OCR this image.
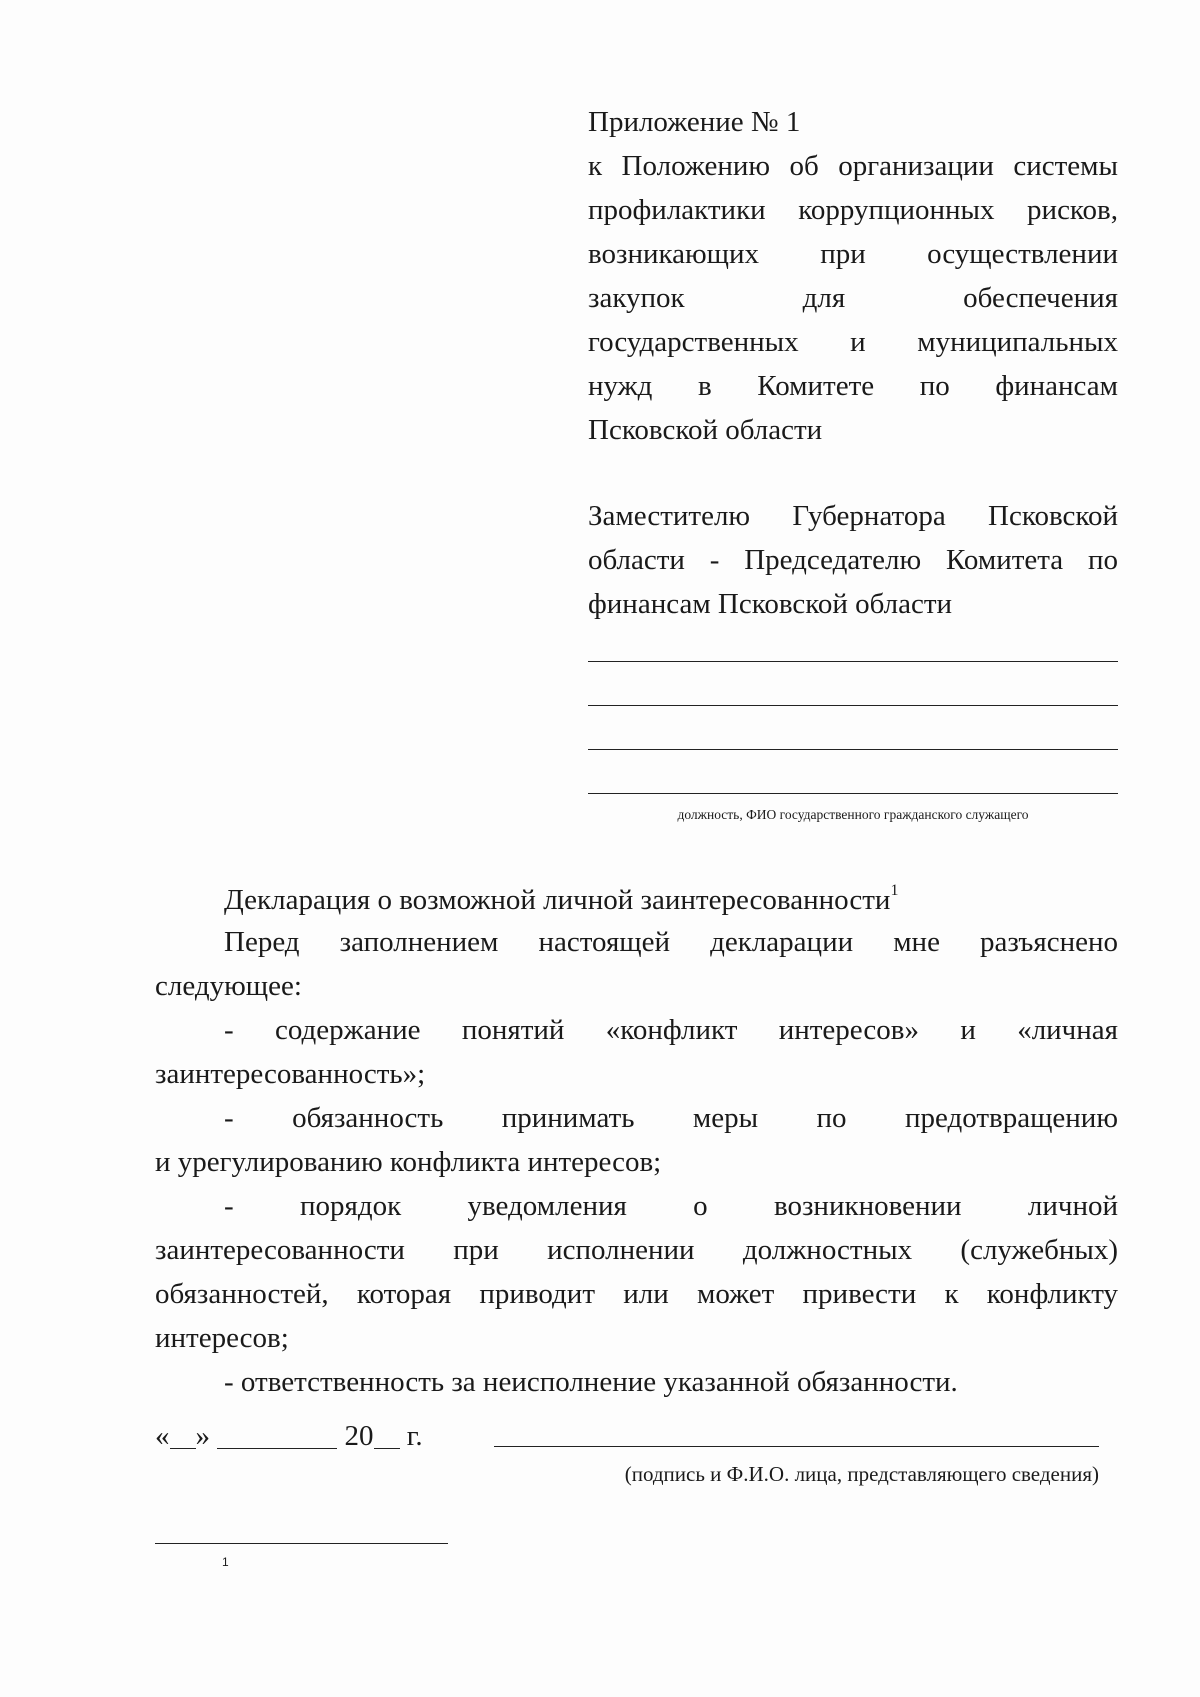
Приложение № 1
к Положению об организации системы
профилактики коррупционных рисков,
возникающих при осуществлении
закупок для обеспечения
государственных и муниципальных
нужд в Комитете по финансам
Псковской области
Заместителю Губернатора Псковской
области - Председателю Комитета по
финансам Псковской области
должность, ФИО государственного гражданского служащего
Декларация о возможной личной заинтересованности$^1$
Перед заполнением настоящей декларации мне разъяснено
следующее:
- содержание понятий «конфликт интересов» и «личная
заинтересованность»;
- обязанность принимать меры по предотвращению
и урегулированию конфликта интересов;
- порядок уведомления о возникновении личной
заинтересованности при исполнении должностных (служебных)
обязанностей, которая приводит или может привести к конфликту
интересов;
- ответственность за неисполнение указанной обязанности.
« »	20 г.
(подпись и Ф.И.О. лица, представляющего сведения)
1
